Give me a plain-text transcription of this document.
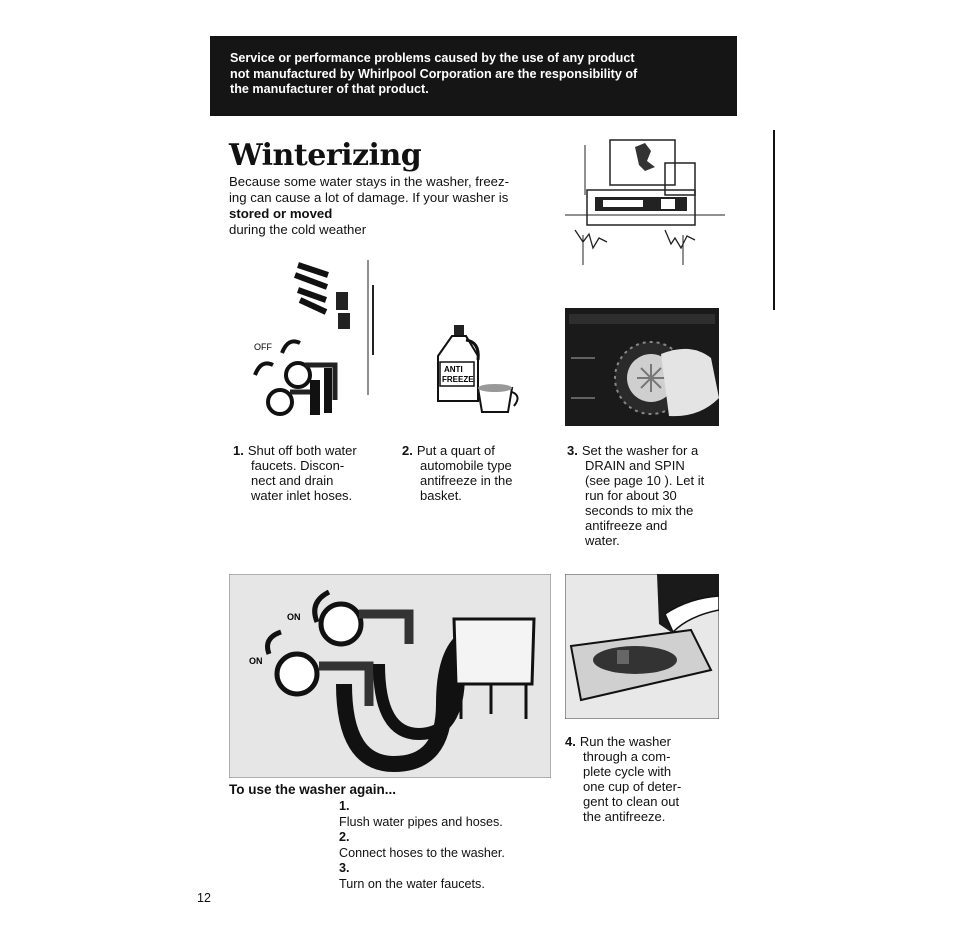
Service or performance problems caused by the use of any product
not manufactured by Whirlpool Corporation are the responsibility of
the manufacturer of that product.
Winterizing
Because some water stays in the washer, freez-
ing can cause a lot of damage. If your washer is
stored or moved
during the cold weather
OFF
ANTI
FREEZE
1. Shut off both water
faucets. Discon-
nect and drain
water inlet hoses.
2. Put a quart of
automobile type
antifreeze in the
basket.
3. Set the washer for a
DRAIN and SPIN
(see page 10 ). Let it
run for about 30
seconds to mix the
antifreeze and
water.
ON
ON
4. Run the washer
through a com-
plete cycle with
one cup of deter-
gent to clean out
the antifreeze.
To use the washer again...
1.
Flush water pipes and hoses.
2.
Connect hoses to the washer.
3.
Turn on the water faucets.
12
